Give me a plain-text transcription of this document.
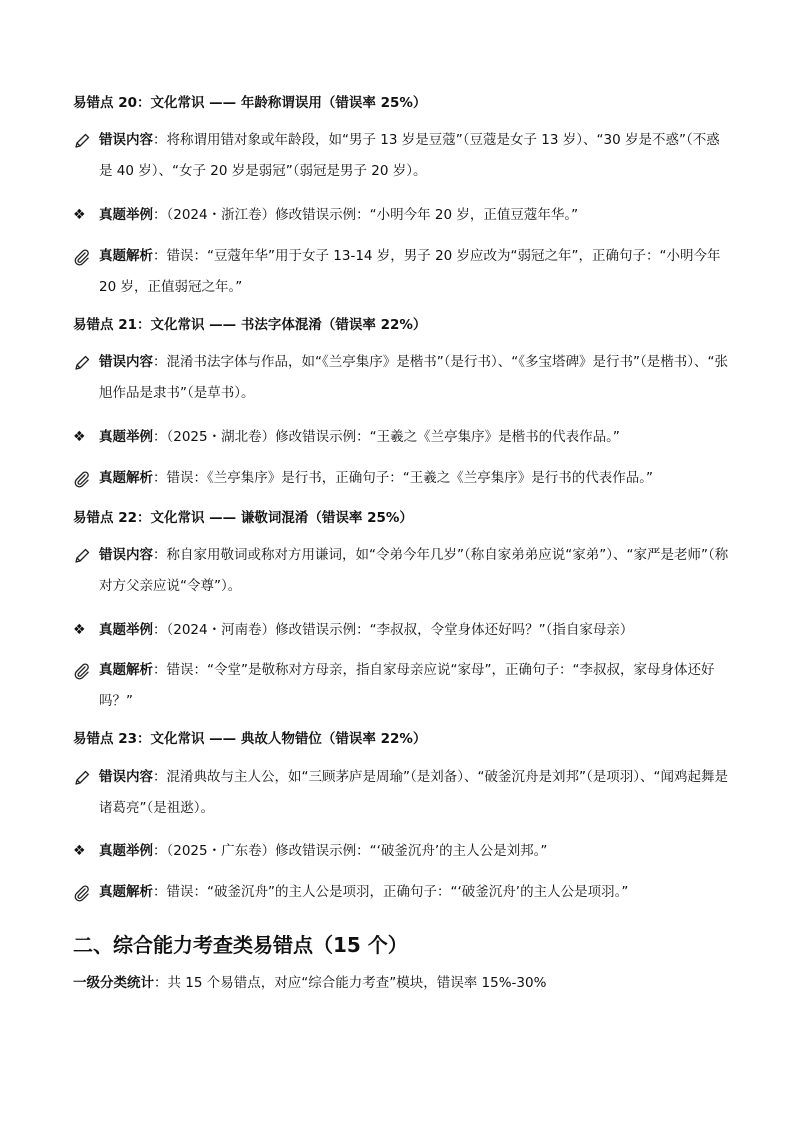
易错点 20：文化常识 —— 年龄称谓误用（错误率 25%）

错误内容：将称谓用错对象或年龄段，如“男子 13 岁是豆蔻”（豆蔻是女子 13 岁）、“30 岁是不惑”（不惑是 40 岁）、“女子 20 岁是弱冠”（弱冠是男子 20 岁）。
❖ 真题举例：（2024・浙江卷）修改错误示例：“小明今年 20 岁，正值豆蔻年华。”
真题解析：错误：“豆蔻年华”用于女子 13-14 岁，男子 20 岁应改为“弱冠之年”，正确句子：“小明今年 20 岁，正值弱冠之年。”

易错点 21：文化常识 —— 书法字体混淆（错误率 22%）

错误内容：混淆书法字体与作品，如“《兰亭集序》是楷书”（是行书）、“《多宝塔碑》是行书”（是楷书）、“张旭作品是隶书”（是草书）。
❖ 真题举例：（2025・湖北卷）修改错误示例：“王羲之《兰亭集序》是楷书的代表作品。”
真题解析：错误：《兰亭集序》是行书，正确句子：“王羲之《兰亭集序》是行书的代表作品。”

易错点 22：文化常识 —— 谦敬词混淆（错误率 25%）

错误内容：称自家用敬词或称对方用谦词，如“令弟今年几岁”（称自家弟弟应说“家弟”）、“家严是老师”（称对方父亲应说“令尊”）。
❖ 真题举例：（2024・河南卷）修改错误示例：“李叔叔，令堂身体还好吗？”（指自家母亲）
真题解析：错误：“令堂”是敬称对方母亲，指自家母亲应说“家母”，正确句子：“李叔叔，家母身体还好吗？”

易错点 23：文化常识 —— 典故人物错位（错误率 22%）

错误内容：混淆典故与主人公，如“三顾茅庐是周瑜”（是刘备）、“破釜沉舟是刘邦”（是项羽）、“闻鸡起舞是诸葛亮”（是祖逖）。
❖ 真题举例：（2025・广东卷）修改错误示例：“‘破釜沉舟’的主人公是刘邦。”
真题解析：错误：“破釜沉舟”的主人公是项羽，正确句子：“‘破釜沉舟’的主人公是项羽。”
二、综合能力考查类易错点（15 个）

一级分类统计：共 15 个易错点，对应“综合能力考查”模块，错误率 15%-30%
